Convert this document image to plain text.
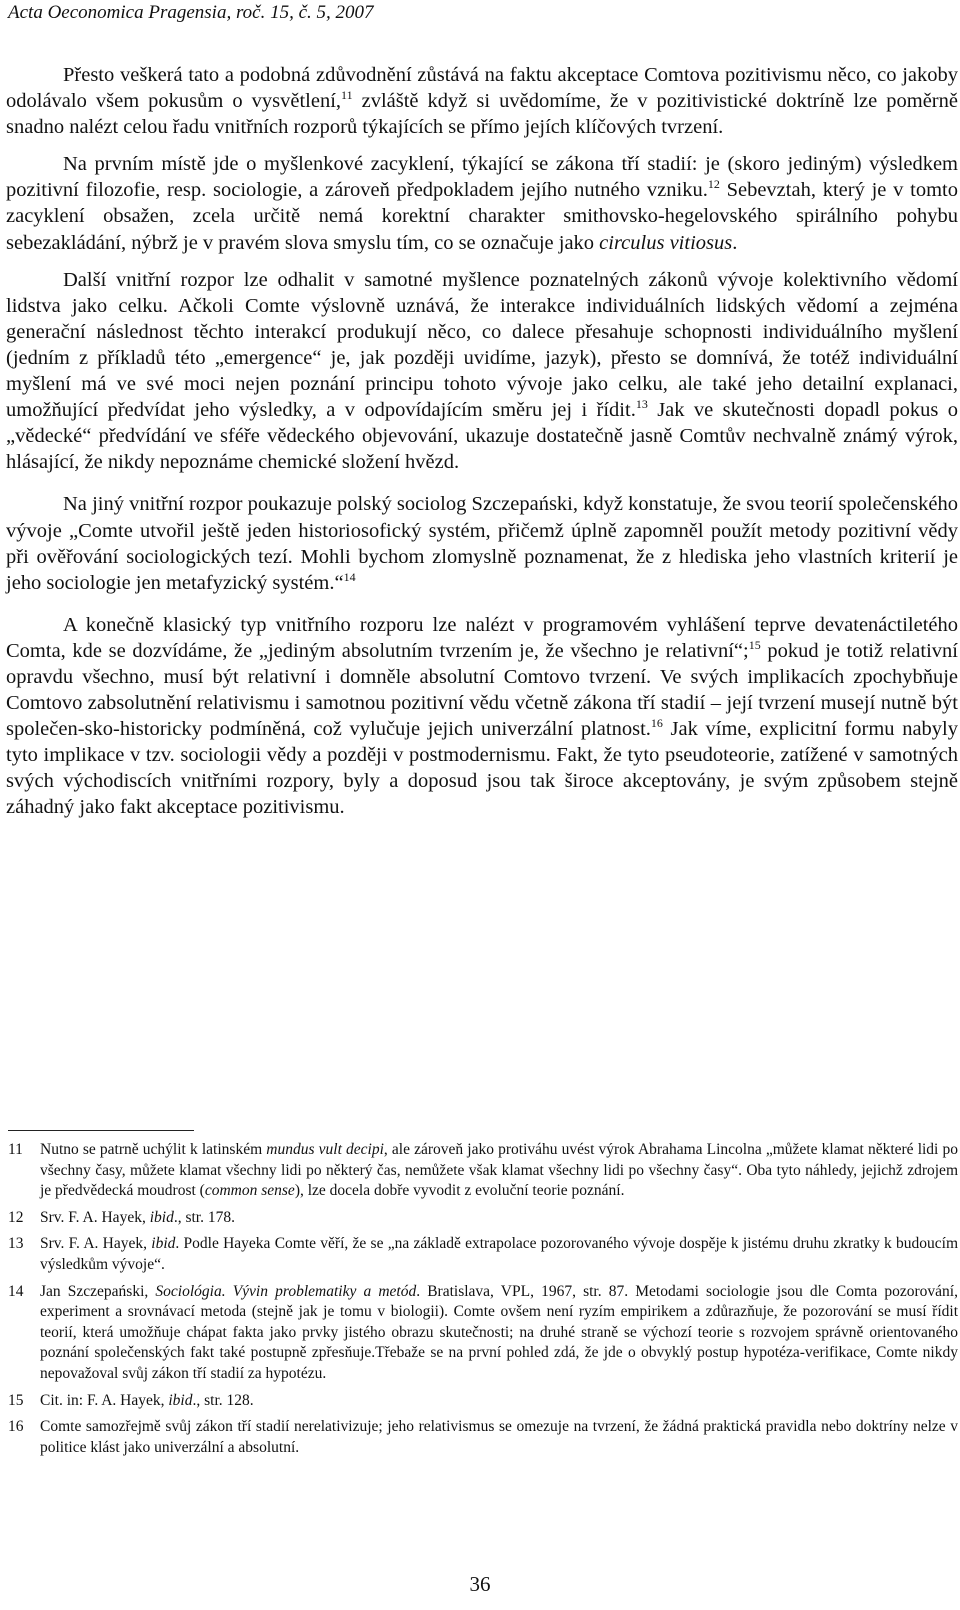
Acta Oeconomica Pragensia, roč. 15, č. 5, 2007

Přesto veškerá tato a podobná zdůvodnění zůstává na faktu akceptace Comtova pozitivismu něco, co jakoby odolávalo všem pokusům o vysvětlení,$^{11}$ zvláště když si uvědomíme, že v pozitivistické doktríně lze poměrně snadno nalézt celou řadu vnitřních rozporů týkajících se přímo jejích klíčových tvrzení.

Na prvním místě jde o myšlenkové zacyklení, týkající se zákona tří stadií: je (skoro jediným) výsledkem pozitivní filozofie, resp. sociologie, a zároveň předpokladem jejího nutného vzniku.$^{12}$ Sebevztah, který je v tomto zacyklení obsažen, zcela určitě nemá korektní charakter smithovsko-hegelovského spirálního pohybu sebezakládání, nýbrž je v pravém slova smyslu tím, co se označuje jako circulus vitiosus.

Další vnitřní rozpor lze odhalit v samotné myšlence poznatelných zákonů vývoje kolektivního vědomí lidstva jako celku. Ačkoli Comte výslovně uznává, že interakce individuálních lidských vědomí a zejména generační následnost těchto interakcí produkují něco, co dalece přesahuje schopnosti individuálního myšlení (jedním z příkladů této „emergence“ je, jak později uvidíme, jazyk), přesto se domnívá, že totéž individuální myšlení má ve své moci nejen poznání principu tohoto vývoje jako celku, ale také jeho detailní explanaci, umožňující předvídat jeho výsledky, a v odpovídajícím směru jej i řídit.$^{13}$ Jak ve skutečnosti dopadl pokus o „vědecké“ předvídání ve sféře vědeckého objevování, ukazuje dostatečně jasně Comtův nechvalně známý výrok, hlásající, že nikdy nepoznáme chemické složení hvězd.

Na jiný vnitřní rozpor poukazuje polský sociolog Szczepański, když konstatuje, že svou teorií společenského vývoje „Comte utvořil ještě jeden historiosofický systém, přičemž úplně zapomněl použít metody pozitivní vědy při ověřování sociologických tezí. Mohli bychom zlomyslně poznamenat, že z hlediska jeho vlastních kriterií je jeho sociologie jen metafyzický systém.“$^{14}$

A konečně klasický typ vnitřního rozporu lze nalézt v programovém vyhlášení teprve devatenáctiletého Comta, kde se dozvídáme, že „jediným absolutním tvrzením je, že všechno je relativní“;$^{15}$ pokud je totiž relativní opravdu všechno, musí být relativní i domněle absolutní Comtovo tvrzení. Ve svých implikacích zpochybňuje Comtovo zabsolutnění relativismu i samotnou pozitivní vědu včetně zákona tří stadií – její tvrzení musejí nutně být společen-sko-historicky podmíněná, což vylučuje jejich univerzální platnost.$^{16}$ Jak víme, explicitní formu nabyly tyto implikace v tzv. sociologii vědy a později v postmodernismu. Fakt, že tyto pseudoteorie, zatížené v samotných svých východiscích vnitřními rozpory, byly a doposud jsou tak široce akceptovány, je svým způsobem stejně záhadný jako fakt akceptace pozitivismu.

11	Nutno se patrně uchýlit k latinském mundus vult decipi, ale zároveň jako protiváhu uvést výrok Abrahama Lincolna „můžete klamat některé lidi po všechny časy, můžete klamat všechny lidi po některý čas, nemůžete však klamat všechny lidi po všechny časy“. Oba tyto náhledy, jejichž zdrojem je předvědecká moudrost (common sense), lze docela dobře vyvodit z evoluční teorie poznání.
12	Srv. F. A. Hayek, ibid., str. 178.
13	Srv. F. A. Hayek, ibid. Podle Hayeka Comte věří, že se „na základě extrapolace pozorovaného vývoje dospěje k jistému druhu zkratky k budoucím výsledkům vývoje“.
14	Jan Szczepański, Sociológia. Vývin problematiky a metód. Bratislava, VPL, 1967, str. 87. Metodami sociologie jsou dle Comta pozorování, experiment a srovnávací metoda (stejně jak je tomu v biologii). Comte ovšem není ryzím empirikem a zdůrazňuje, že pozorování se musí řídit teorií, která umožňuje chápat fakta jako prvky jistého obrazu skutečnosti; na druhé straně se výchozí teorie s rozvojem správně orientovaného poznání společenských fakt také postupně zpřesňuje.Třebaže se na první pohled zdá, že jde o obvyklý postup hypotéza-verifikace, Comte nikdy nepovažoval svůj zákon tří stadií za hypotézu.
15	Cit. in: F. A. Hayek, ibid., str. 128.
16	Comte samozřejmě svůj zákon tří stadií nerelativizuje; jeho relativismus se omezuje na tvrzení, že žádná praktická pravidla nebo doktríny nelze v politice klást jako univerzální a absolutní.
36
